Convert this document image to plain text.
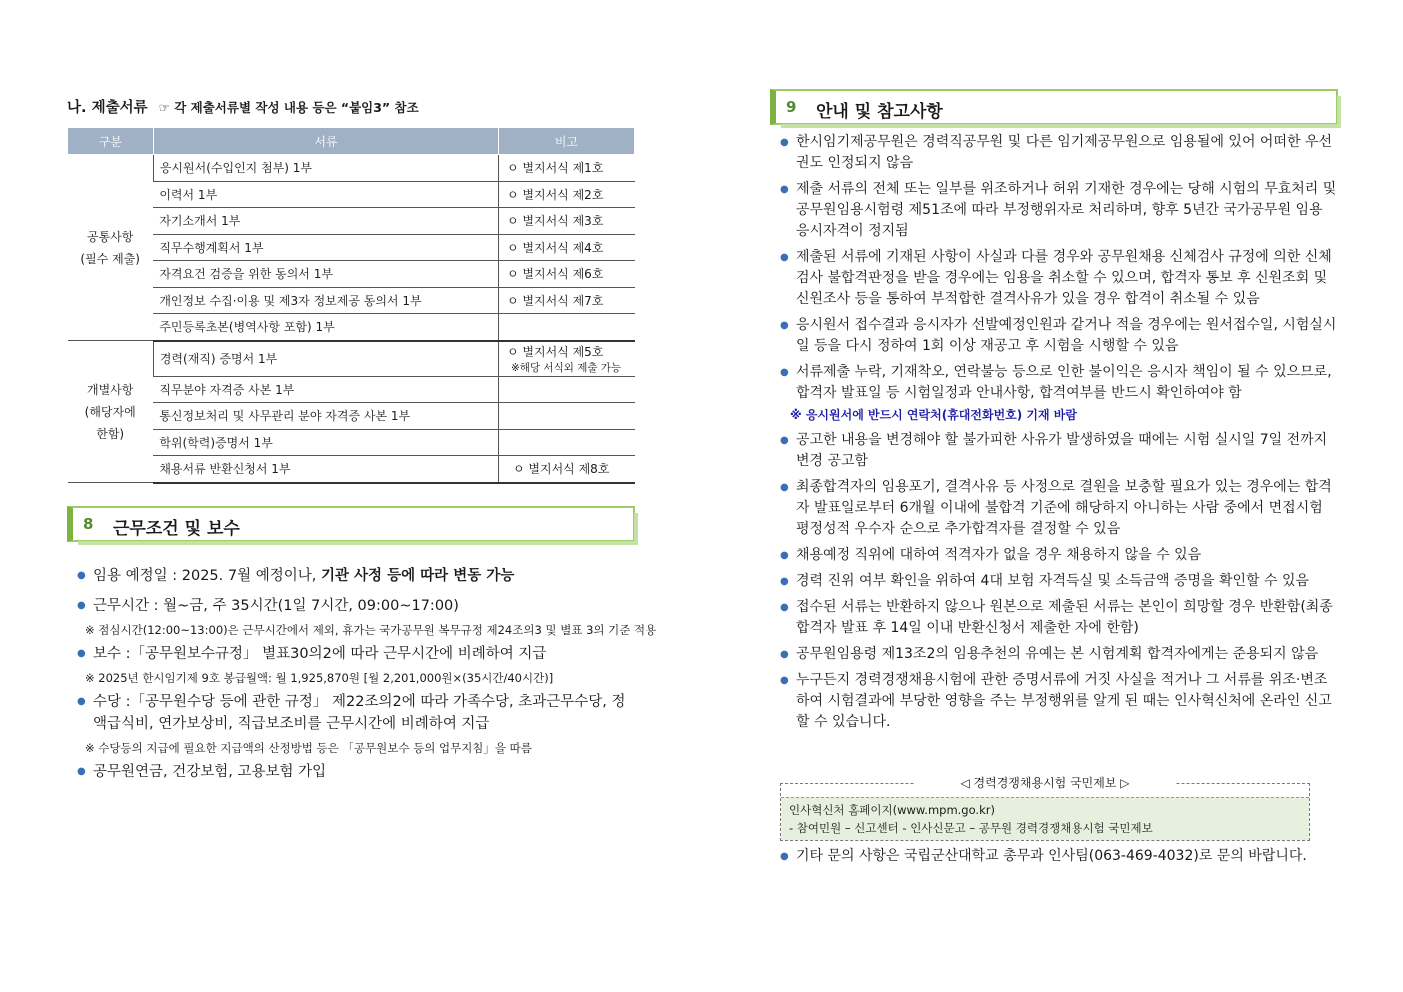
나. 제출서류 ☞ 각 제출서류별 작성 내용 등은 “붙임3” 참조
구분	서류	비고
공통사항
(필수 제출)	응시원서(수입인지 첨부) 1부	ㅇ 별지서식 제1호
	이력서 1부	ㅇ 별지서식 제2호
	자기소개서 1부	ㅇ 별지서식 제3호
	직무수행계획서 1부	ㅇ 별지서식 제4호
	자격요건 검증을 위한 동의서 1부	ㅇ 별지서식 제6호
	개인정보 수집·이용 및 제3자 정보제공 동의서 1부	ㅇ 별지서식 제7호
	주민등록초본(병역사항 포함) 1부	
개별사항
(해당자에
한함)	경력(재직) 증명서 1부	ㅇ 별지서식 제5호
※해당 서식외 제출 가능

	직무분야 자격증 사본 1부	
	통신정보처리 및 사무관리 분야 자격증 사본 1부	
	학위(학력)증명서 1부	
	채용서류 반환신청서 1부	ㅇ 별지서식 제8호
8 근무조건 및 보수

● 임용 예정일 : 2025. 7월 예정이나, 기관 사정 등에 따라 변동 가능

● 근무시간 : 월~금, 주 35시간(1일 7시간, 09:00~17:00)

※ 점심시간(12:00~13:00)은 근무시간에서 제외, 휴가는 국가공무원 복무규정 제24조의3 및 별표 3의 기준 적용

● 보수 :「공무원보수규정」 별표30의2에 따라 근무시간에 비례하여 지급

※ 2025년 한시임기제 9호 봉급월액: 월 1,925,870원 [월 2,201,000원×(35시간/40시간)]

● 수당 :「공무원수당 등에 관한 규정」 제22조의2에 따라 가족수당, 초과근무수당, 정액급식비, 연가보상비, 직급보조비를 근무시간에 비례하여 지급

※ 수당등의 지급에 필요한 지급액의 산정방법 등은 「공무원보수 등의 업무지침」을 따름

● 공무원연금, 건강보험, 고용보험 가입

9 안내 및 참고사항

● 한시임기제공무원은 경력직공무원 및 다른 임기제공무원으로 임용될에 있어 어떠한 우선권도 인정되지 않음

● 제출 서류의 전체 또는 일부를 위조하거나 허위 기재한 경우에는 당해 시험의 무효처리 및 공무원임용시험령 제51조에 따라 부정행위자로 처리하며, 향후 5년간 국가공무원 임용 응시자격이 정지됨

● 제출된 서류에 기재된 사항이 사실과 다를 경우와 공무원채용 신체검사 규정에 의한 신체검사 불합격판정을 받을 경우에는 임용을 취소할 수 있으며, 합격자 통보 후 신원조회 및 신원조사 등을 통하여 부적합한 결격사유가 있을 경우 합격이 취소될 수 있음

● 응시원서 접수결과 응시자가 선발예정인원과 같거나 적을 경우에는 원서접수일, 시험실시일 등을 다시 정하여 1회 이상 재공고 후 시험을 시행할 수 있음

● 서류제출 누락, 기재착오, 연락불능 등으로 인한 불이익은 응시자 책임이 될 수 있으므로, 합격자 발표일 등 시험일정과 안내사항, 합격여부를 반드시 확인하여야 함

※ 응시원서에 반드시 연락처(휴대전화번호) 기재 바람

● 공고한 내용을 변경해야 할 불가피한 사유가 발생하였을 때에는 시험 실시일 7일 전까지 변경 공고함

● 최종합격자의 임용포기, 결격사유 등 사정으로 결원을 보충할 필요가 있는 경우에는 합격자 발표일로부터 6개월 이내에 불합격 기준에 해당하지 아니하는 사람 중에서 면접시험 평정성적 우수자 순으로 추가합격자를 결정할 수 있음

● 채용예정 직위에 대하여 적격자가 없을 경우 채용하지 않을 수 있음

● 경력 진위 여부 확인을 위하여 4대 보험 자격득실 및 소득금액 증명을 확인할 수 있음

● 접수된 서류는 반환하지 않으나 원본으로 제출된 서류는 본인이 희망할 경우 반환함(최종합격자 발표 후 14일 이내 반환신청서 제출한 자에 한함)

● 공무원임용령 제13조2의 임용추천의 유예는 본 시험계획 합격자에게는 준용되지 않음

● 누구든지 경력경쟁채용시험에 관한 증명서류에 거짓 사실을 적거나 그 서류를 위조·변조하여 시험결과에 부당한 영향을 주는 부정행위를 알게 된 때는 인사혁신처에 온라인 신고할 수 있습니다.

◁ 경력경쟁채용시험 국민제보 ▷
인사혁신처 홈페이지(www.mpm.go.kr)
- 참여민원 – 신고센터 - 인사신문고 – 공무원 경력경쟁채용시험 국민제보

● 기타 문의 사항은 국립군산대학교 총무과 인사팀(063-469-4032)로 문의 바랍니다.
